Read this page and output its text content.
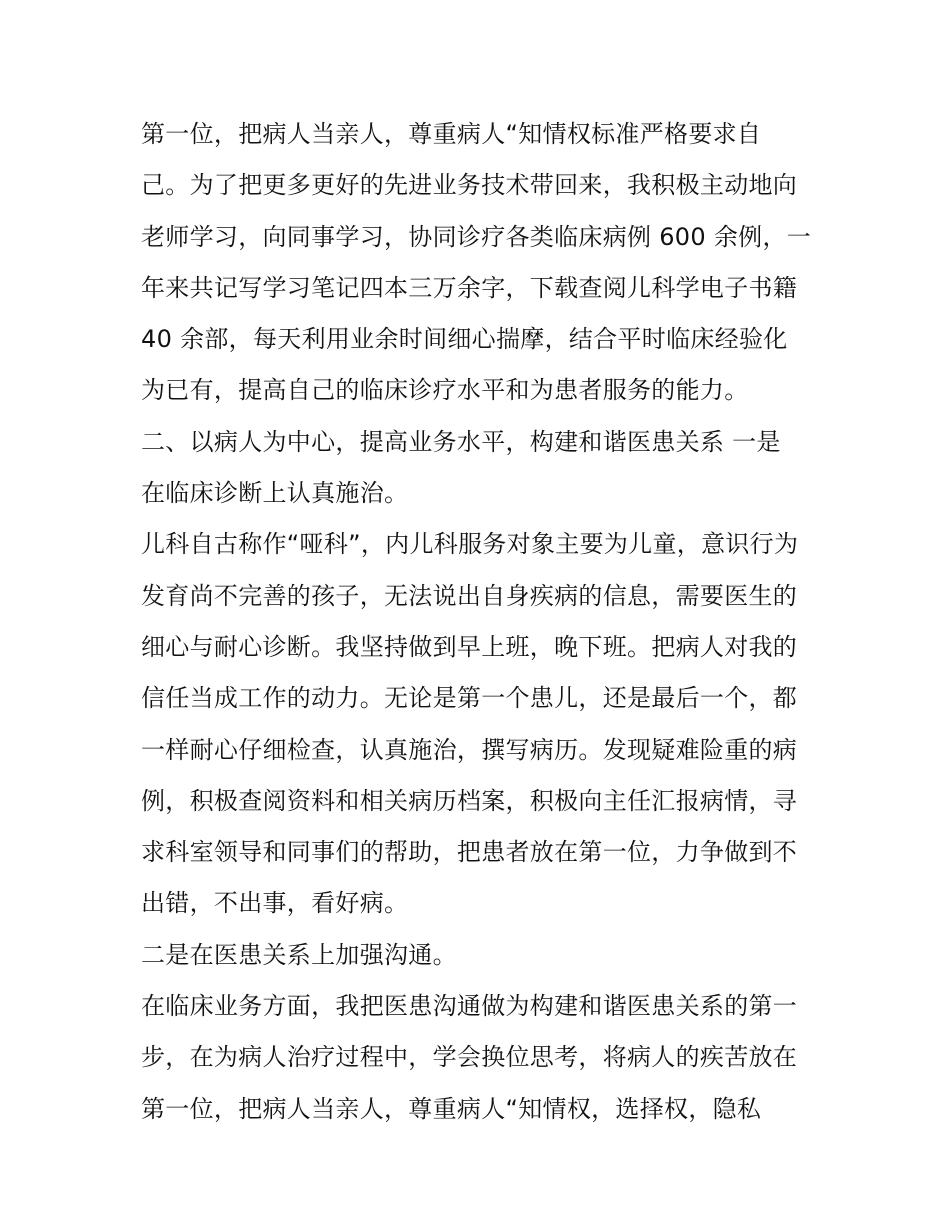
第一位，把病人当亲人，尊重病人“知情权标准严格要求自
己。为了把更多更好的先进业务技术带回来，我积极主动地向
老师学习，向同事学习，协同诊疗各类临床病例 600 余例，一
年来共记写学习笔记四本三万余字，下载查阅儿科学电子书籍
40 余部，每天利用业余时间细心揣摩，结合平时临床经验化
为已有，提高自己的临床诊疗水平和为患者服务的能力。
二、以病人为中心，提高业务水平，构建和谐医患关系 一是
在临床诊断上认真施治。
儿科自古称作“哑科”，内儿科服务对象主要为儿童，意识行为
发育尚不完善的孩子，无法说出自身疾病的信息，需要医生的
细心与耐心诊断。我坚持做到早上班，晚下班。把病人对我的
信任当成工作的动力。无论是第一个患儿，还是最后一个，都
一样耐心仔细检查，认真施治，撰写病历。发现疑难险重的病
例，积极查阅资料和相关病历档案，积极向主任汇报病情，寻
求科室领导和同事们的帮助，把患者放在第一位，力争做到不
出错，不出事，看好病。
二是在医患关系上加强沟通。
在临床业务方面，我把医患沟通做为构建和谐医患关系的第一
步，在为病人治疗过程中，学会换位思考，将病人的疾苦放在
第一位，把病人当亲人，尊重病人“知情权，选择权，隐私
